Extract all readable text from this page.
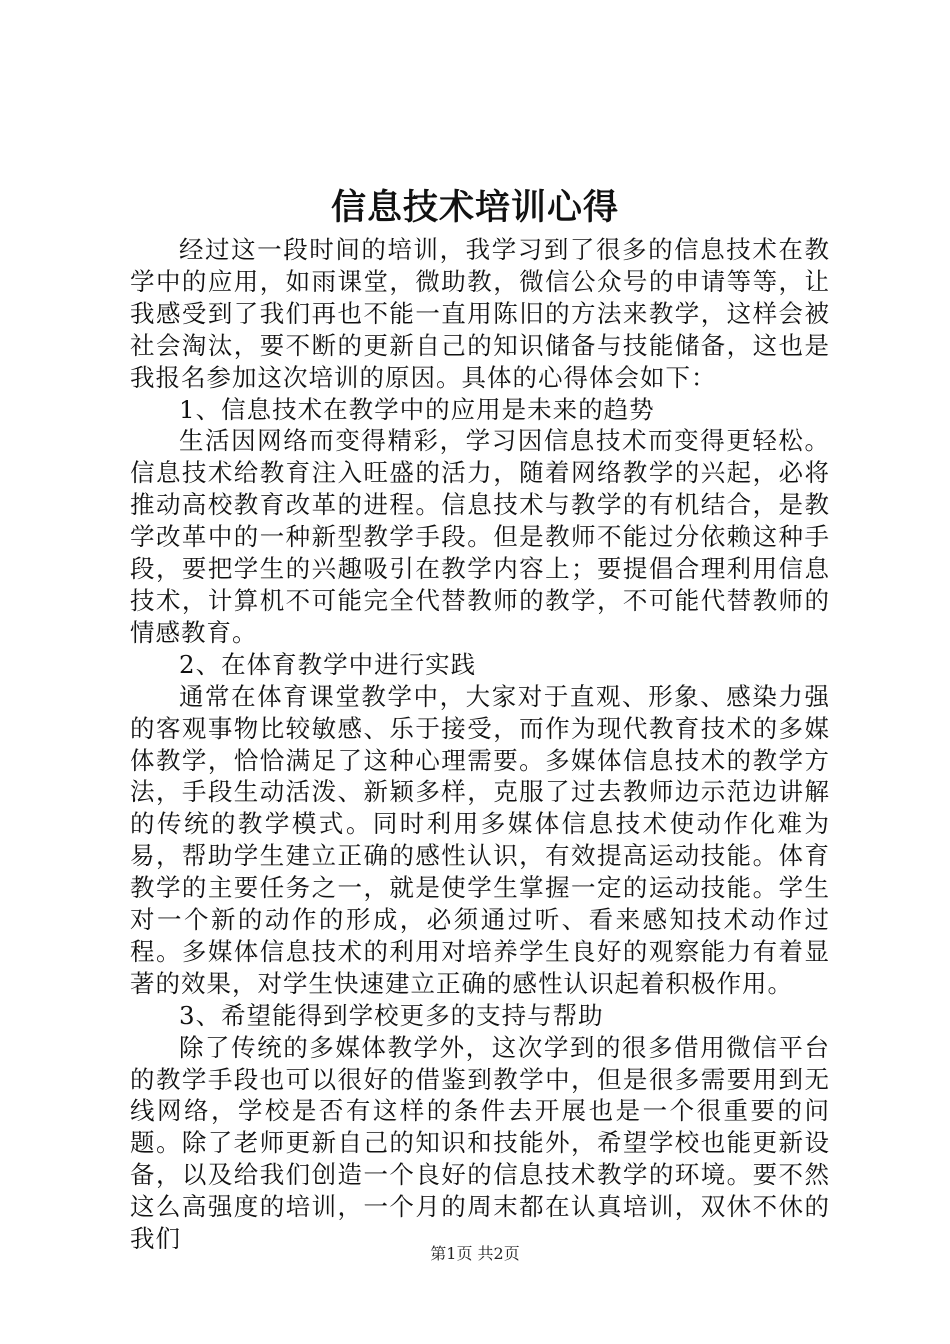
信息技术培训心得

经过这一段时间的培训，我学习到了很多的信息技术在教学中的应用，如雨课堂，微助教，微信公众号的申请等等，让我感受到了我们再也不能一直用陈旧的方法来教学，这样会被社会淘汰，要不断的更新自己的知识储备与技能储备，这也是我报名参加这次培训的原因。具体的心得体会如下：

1、信息技术在教学中的应用是未来的趋势

生活因网络而变得精彩，学习因信息技术而变得更轻松。信息技术给教育注入旺盛的活力，随着网络教学的兴起，必将推动高校教育改革的进程。信息技术与教学的有机结合，是教学改革中的一种新型教学手段。但是教师不能过分依赖这种手段，要把学生的兴趣吸引在教学内容上；要提倡合理利用信息技术，计算机不可能完全代替教师的教学，不可能代替教师的情感教育。

2、在体育教学中进行实践

通常在体育课堂教学中，大家对于直观、形象、感染力强的客观事物比较敏感、乐于接受，而作为现代教育技术的多媒体教学，恰恰满足了这种心理需要。多媒体信息技术的教学方法，手段生动活泼、新颖多样，克服了过去教师边示范边讲解的传统的教学模式。同时利用多媒体信息技术使动作化难为易，帮助学生建立正确的感性认识，有效提高运动技能。体育教学的主要任务之一，就是使学生掌握一定的运动技能。学生对一个新的动作的形成，必须通过听、看来感知技术动作过程。多媒体信息技术的利用对培养学生良好的观察能力有着显著的效果，对学生快速建立正确的感性认识起着积极作用。

3、希望能得到学校更多的支持与帮助

除了传统的多媒体教学外，这次学到的很多借用微信平台的教学手段也可以很好的借鉴到教学中，但是很多需要用到无线网络，学校是否有这样的条件去开展也是一个很重要的问题。除了老师更新自己的知识和技能外，希望学校也能更新设备，以及给我们创造一个良好的信息技术教学的环境。要不然这么高强度的培训，一个月的周末都在认真培训，双休不休的我们

第1页 共2页
